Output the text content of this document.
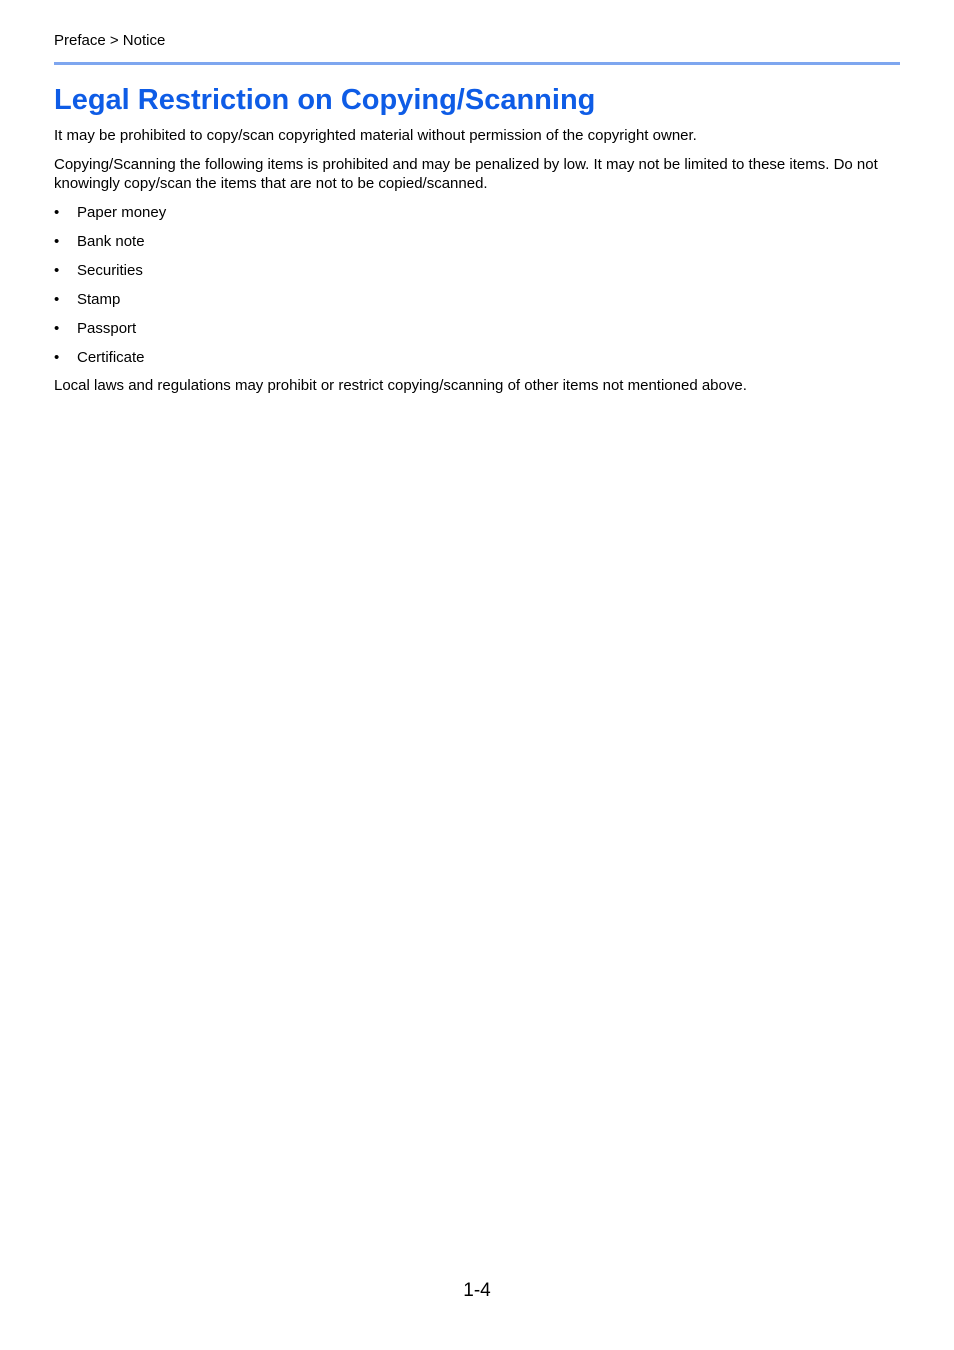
Preface > Notice
Legal Restriction on Copying/Scanning

It may be prohibited to copy/scan copyrighted material without permission of the copyright owner.

Copying/Scanning the following items is prohibited and may be penalized by low. It may not be limited to these items. Do not knowingly copy/scan the items that are not to be copied/scanned.

• Paper money
• Bank note
• Securities
• Stamp
• Passport
• Certificate

Local laws and regulations may prohibit or restrict copying/scanning of other items not mentioned above.

1-4
